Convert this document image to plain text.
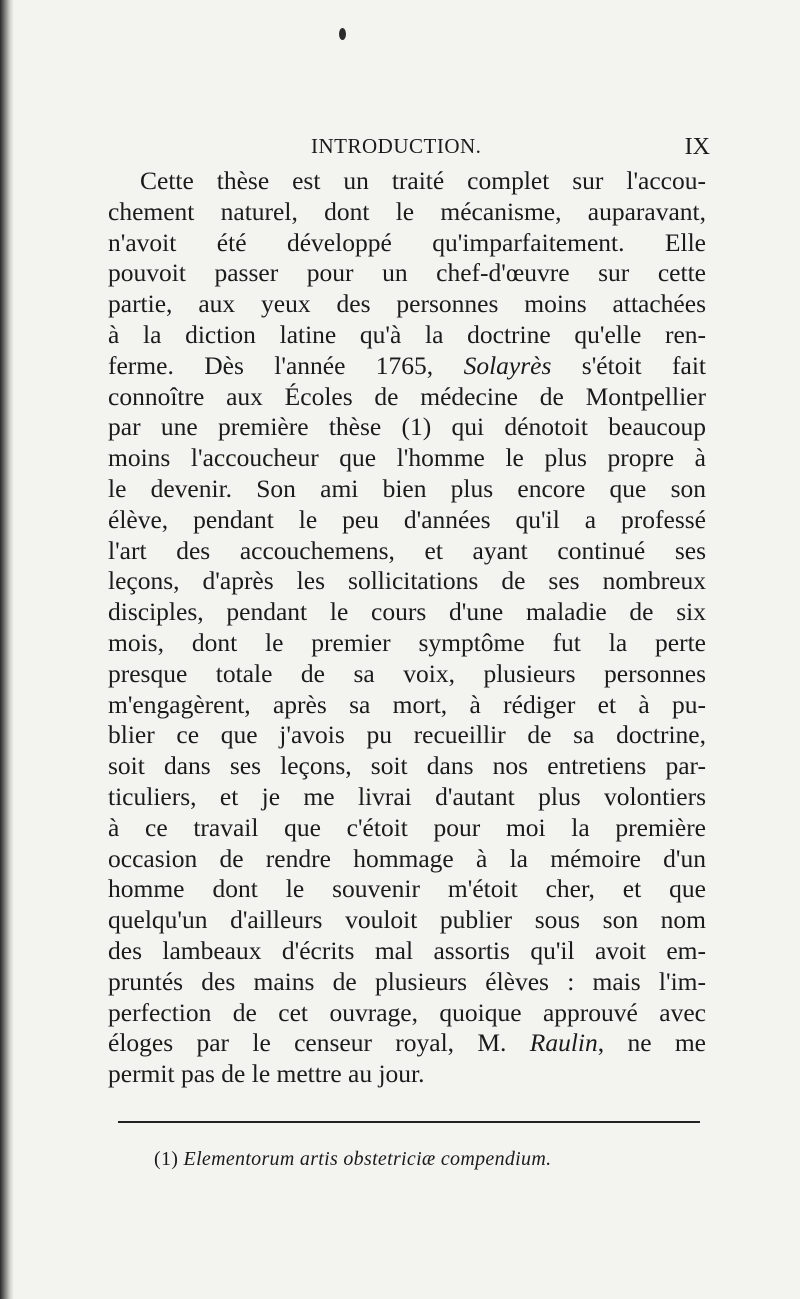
INTRODUCTION.	IX
Cette thèse est un traité complet sur l'accou-
chement naturel, dont le mécanisme, auparavant,
n'avoit été développé qu'imparfaitement. Elle
pouvoit passer pour un chef-d'œuvre sur cette
partie, aux yeux des personnes moins attachées
à la diction latine qu'à la doctrine qu'elle ren-
ferme. Dès l'année 1765, Solayrès s'étoit fait
connoître aux Écoles de médecine de Montpellier
par une première thèse (1) qui dénotoit beaucoup
moins l'accoucheur que l'homme le plus propre à
le devenir. Son ami bien plus encore que son
élève, pendant le peu d'années qu'il a professé
l'art des accouchemens, et ayant continué ses
leçons, d'après les sollicitations de ses nombreux
disciples, pendant le cours d'une maladie de six
mois, dont le premier symptôme fut la perte
presque totale de sa voix, plusieurs personnes
m'engagèrent, après sa mort, à rédiger et à pu-
blier ce que j'avois pu recueillir de sa doctrine,
soit dans ses leçons, soit dans nos entretiens par-
ticuliers, et je me livrai d'autant plus volontiers
à ce travail que c'étoit pour moi la première
occasion de rendre hommage à la mémoire d'un
homme dont le souvenir m'étoit cher, et que
quelqu'un d'ailleurs vouloit publier sous son nom
des lambeaux d'écrits mal assortis qu'il avoit em-
pruntés des mains de plusieurs élèves : mais l'im-
perfection de cet ouvrage, quoique approuvé avec
éloges par le censeur royal, M. Raulin, ne me
permit pas de le mettre au jour.
(1) Elementorum artis obstetriciæ compendium.
